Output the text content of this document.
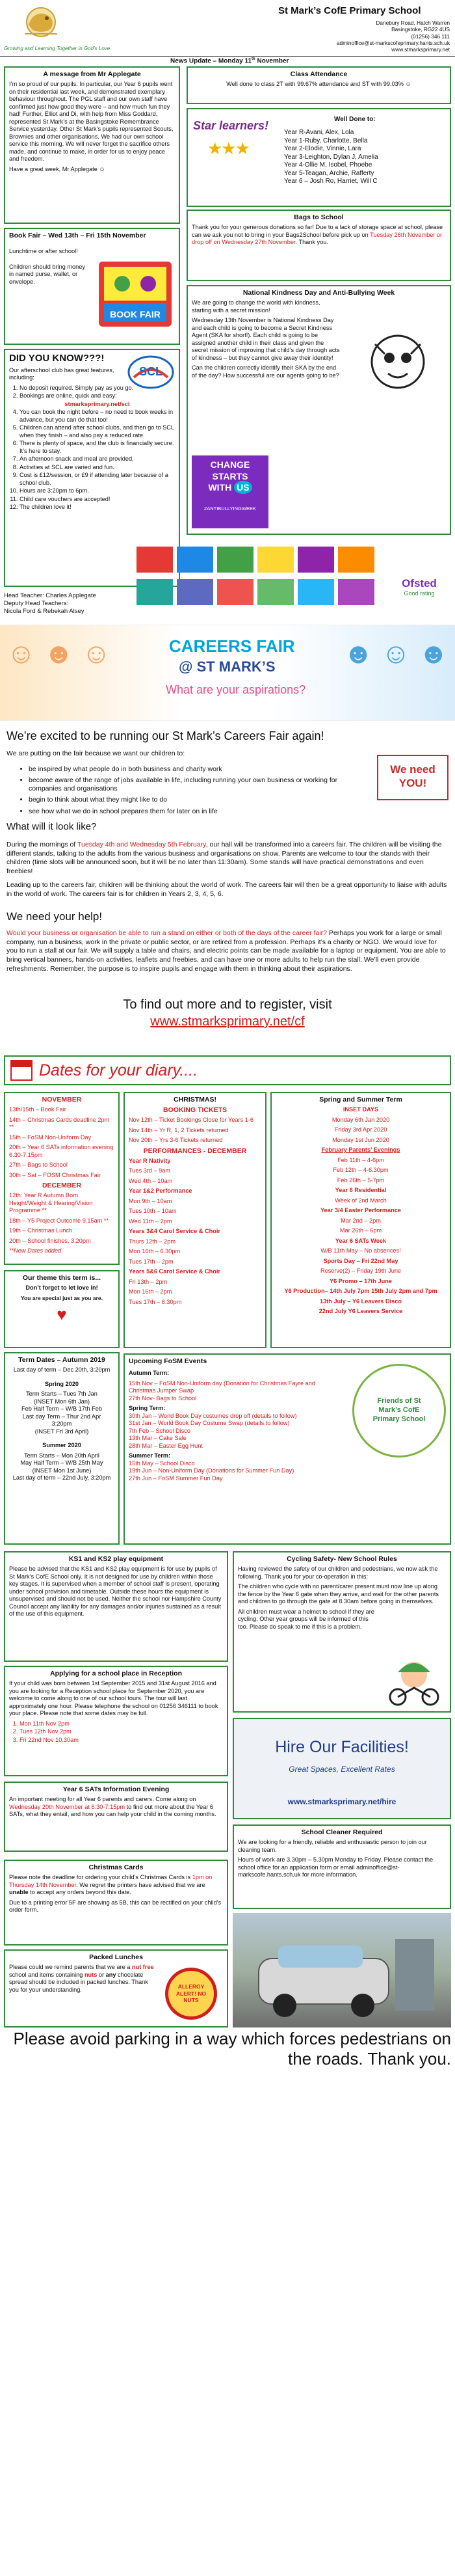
Growing and Learning Together in God’s Love
St Mark’s CofE Primary School
Danebury Road, Hatch Warren
Basingstoke, RG22 4US
(01256) 346 111
adminoffice@st-markscofeprimary.hants.sch.uk
www.stmarksprimary.net
News Update – Monday 11th November
A message from Mr Applegate

I’m so proud of our pupils. In particular, our Year 6 pupils went on their residential last week, and demonstrated exemplary behaviour throughout. The PGL staff and our own staff have confirmed just how good they were – and how much fun they had! Further, Elliot and Di, with help from Miss Goddard, represented St Mark’s at the Basingstoke Remembrance Service yesterday. Other St Mark’s pupils represented Scouts, Brownies and other organisations. We had our own school service this morning. We will never forget the sacrifice others made, and continue to make, in order for us to enjoy peace and freedom.

Have a great week, Mr Applegate ☺

Class Attendance

Well done to class 2T with 99.67% attendance and ST with 99.03% ☺

Star learners!
★★★
Well Done to:
Year R-Avani, Alex, Lola
Year 1-Ruby, Charlotte, Bella
Year 2-Elodie, Vinnie, Lara
Year 3-Leighton, Dylan J, Amelia
Year 4-Ollie M, Isobel, Phoebe
Year 5-Teagan, Archie, Rafferty
Year 6 – Josh Ro, Harriet, Will C
Book Fair – Wed 13th – Fri 15th November

Lunchtime or after school!

Children should bring money in named purse, wallet, or envelope.

BOOK FAIR
Bags to School

Thank you for your generous donations so far! Due to a lack of storage space at school, please can we ask you not to bring in your Bags2School before pick up on Tuesday 26th November or drop off on Wednesday 27th November. Thank you.

DID YOU KNOW???!

Our afterschool club has great features, including:	SCL
1. No deposit required. Simply pay as you go.
2. Bookings are online, quick and easy:
stmarksprimary.net/sci
4. You can book the night before – no need to book weeks in advance, but you can do that too!
5. Children can attend after school clubs, and then go to SCL when they finish – and also pay a reduced rate.
6. There is plenty of space, and the club is financially secure. It’s here to stay.
7. An afternoon snack and meal are provided.
8. Activities at SCL are varied and fun.
9. Cost is £12/session, or £9 if attending later because of a school club.
10. Hours are 3:20pm to 6pm.
11. Child care vouchers are accepted!
12. The children love it!
National Kindness Day and Anti-Bullying Week

We are going to change the world with kindness, starting with a secret mission!

Wednesday 13th November is National Kindness Day and each child is going to become a Secret Kindness Agent (SKA for short!). Each child is going to be assigned another child in their class and given the secret mission of improving that child’s day through acts of kindness – but they cannot give away their identity!

Can the children correctly identify their SKA by the end of the day? How successful are our agents going to be?

CHANGE
STARTS
WITH US
#ANTIBULLYINGWEEK
Head Teacher: Charles Applegate
Deputy Head Teachers:
Nicola Ford & Rebekah Alsey
Ofsted
Good rating
CAREERS FAIR
@ ST MARK’S
What are your aspirations?
☺ ☻ ☺	☻ ☺ ☻
We’re excited to be running our St Mark’s Careers Fair again!
We are putting on the fair because we want our children to:
• be inspired by what people do in both business and charity work
• become aware of the range of jobs available in life, including running your own business or working for companies and organisations
• begin to think about what they might like to do
• see how what we do in school prepares them for later on in life
We need YOU!
What will it look like?
During the mornings of Tuesday 4th and Wednesday 5th February, our hall will be transformed into a careers fair. The children will be visiting the different stands, talking to the adults from the various business and organisations on show. Parents are welcome to tour the stands with their children (time slots will be announced soon, but it will be no later than 11:30am). Some stands will have practical demonstrations and even freebies!
Leading up to the careers fair, children will be thinking about the world of work. The careers fair will then be a great opportunity to liaise with adults in the world of work. The careers fair is for children in Years 2, 3, 4, 5, 6.
We need your help!
Would your business or organisation be able to run a stand on either or both of the days of the career fair? Perhaps you work for a large or small company, run a business, work in the private or public sector, or are retired from a profession. Perhaps it’s a charity or NGO. We would love for you to run a stall at our fair. We will supply a table and chairs, and electric points can be made available for a laptop or equipment. You are able to bring vertical banners, hands-on activities, leaflets and freebies, and can have one or more adults to help run the stall. We’ll even provide refreshments. Remember, the purpose is to inspire pupils and engage with them in thinking about their aspirations.
To find out more and to register, visit
www.stmarksprimary.net/cf
Dates for your diary....
NOVEMBER

13th/15th – Book Fair

14th – Christmas Cards deadline 2pm **

15th – FoSM Non-Uniform Day

20th – Year 6 SATs information evening 6.30-7.15pm

27th – Bags to School

30th – Sat – FOSM Christmas Fair

DECEMBER

12th: Year R Autumn Born Height/Weight & Hearing/Vision Programme **

18th – Y5 Project Outcome 9.15am **

19th – Christmas Lunch

20th – School finishes, 3.20pm

**New Dates added

CHRISTMAS!
BOOKING TICKETS

Nov 12th – Ticket Bookings Close for Years 1-6

Nov 14th – Yr R, 1, 2 Tickets returned

Nov 20th – Yrs 3-6 Tickets returned

PERFORMANCES - DECEMBER

Year R Nativity

Tues 3rd – 9am

Wed 4th – 10am

Year 1&2 Performance

Mon 9th – 10am

Tues 10th – 10am

Wed 11th – 2pm

Years 3&4 Carol Service & Choir

Thurs 12th – 2pm

Mon 16th – 6.30pm

Tues 17th – 2pm

Years 5&6 Carol Service & Choir

Fri 13th – 2pm

Mon 16th – 2pm

Tues 17th – 6.30pm

Spring and Summer Term

INSET DAYS

Monday 6th Jan 2020

Friday 3rd Apr 2020

Monday 1st Jun 2020

February Parents’ Evenings

Feb 11th – 4-6pm

Feb 12th – 4-6.30pm

Feb 26th – 5-7pm

Year 6 Residential

Week of 2nd March

Year 3/4 Easter Performance

Mar 2nd – 2pm

Mar 26th – 6pm

Year 6 SATs Week

W/B 11th May – No absences!

Sports Day – Fri 22nd May

Reserve(2) – Friday 19th June

Y6 Promo – 17th June

Y6 Production– 14th July 7pm 15th July 2pm and 7pm

13th July – Y6 Leavers Disco

22nd July Y6 Leavers Service

Our theme this term is...

Don’t forget to let love in!

You are special just as you are.

♥
Term Dates – Autumn 2019

Last day of term – Dec 20th, 3:20pm

Spring 2020

Term Starts – Tues 7th Jan

(INSET Mon 6th Jan)

Feb Half Term – W/B 17th Feb

Last day Term – Thur 2nd Apr

3:20pm

(INSET Fri 3rd April)

Summer 2020

Term Starts – Mon 20th April

May Half Term – W/B 25th May

(INSET Mon 1st June)

Last day of term – 22nd July, 3:20pm

Upcoming FoSM Events

Autumn Term:

15th Nov – FoSM Non-Uniform day (Donation for Christmas Fayre and Christmas Jumper Swap

27th Nov- Bags to School

Spring Term:

30th Jan – World Book Day costumes drop off (details to follow)

31st Jan – World Book Day Costume Swap (details to follow)

7th Feb – School Disco

13th Mar – Cake Sale

28th Mar – Easter Egg Hunt

Summer Term:

15th May – School Disco

19th Jun – Non-Uniform Day (Donations for Summer Fun Day)

27th Jun – FoSM Summer Fun Day

Friends of St Mark’s CofE Primary School
KS1 and KS2 play equipment

Please be advised that the KS1 and KS2 play equipment is for use by pupils of St Mark’s CofE School only. It is not designed for use by children within those key stages. It is supervised when a member of school staff is present, operating under school provision and timetable. Outside these hours the equipment is unsupervised and should not be used. Neither the school nor Hampshire County Council accept any liability for any damages and/or injuries sustained as a result of the use of this equipment.

Applying for a school place in Reception

If your child was born between 1st September 2015 and 31st August 2016 and you are looking for a Reception school place for September 2020, you are welcome to come along to one of our school tours. The tour will last approximately one hour. Please telephone the school on 01256 346111 to book your place. Please note that some dates may be full.

1. Mon 11th Nov 2pm
2. Tues 12th Nov 2pm
3. Fri 22nd Nov 10.30am
Year 6 SATs Information Evening

An important meeting for all Year 6 parents and carers. Come along on Wednesday 20th November at 6:30-7:15pm to find out more about the Year 6 SATs, what they entail, and how you can help your child in the coming months.

Christmas Cards

Please note the deadline for ordering your child’s Christmas Cards is 1pm on Thursday 14th November. We regret the printers have advised that we are unable to accept any orders beyond this date.

Due to a printing error 5F are showing as 5B, this can be rectified on your child’s order form.

Packed Lunches

Please could we remind parents that we are a nut free school and items containing nuts or any chocolate spread should be included in packed lunches. Thank you for your understanding.	ALLERGY ALERT! NO NUTS
Cycling Safety- New School Rules

Having reviewed the safety of our children and pedestrians, we now ask the following. Thank you for your co-operation in this:

The children who cycle with no parent/carer present must now line up along the fence by the Year 6 gate when they arrive, and wait for the other parents and children to go through the gate at 8.30am before going in themselves.

All children must wear a helmet to school if they are cycling. Other year groups will be informed of this too. Please do speak to me if this is a problem.

Hire Our Facilities!
Great Spaces, Excellent Rates
www.stmarksprimary.net/hire
School Cleaner Required

We are looking for a friendly, reliable and enthusiastic person to join our cleaning team.

Hours of work are 3.30pm – 5.30pm Monday to Friday. Please contact the school office for an application form or email adminoffice@st-markscofe.hants.sch.uk for more information.

Please avoid parking in a way which forces pedestrians on the roads. Thank you.
